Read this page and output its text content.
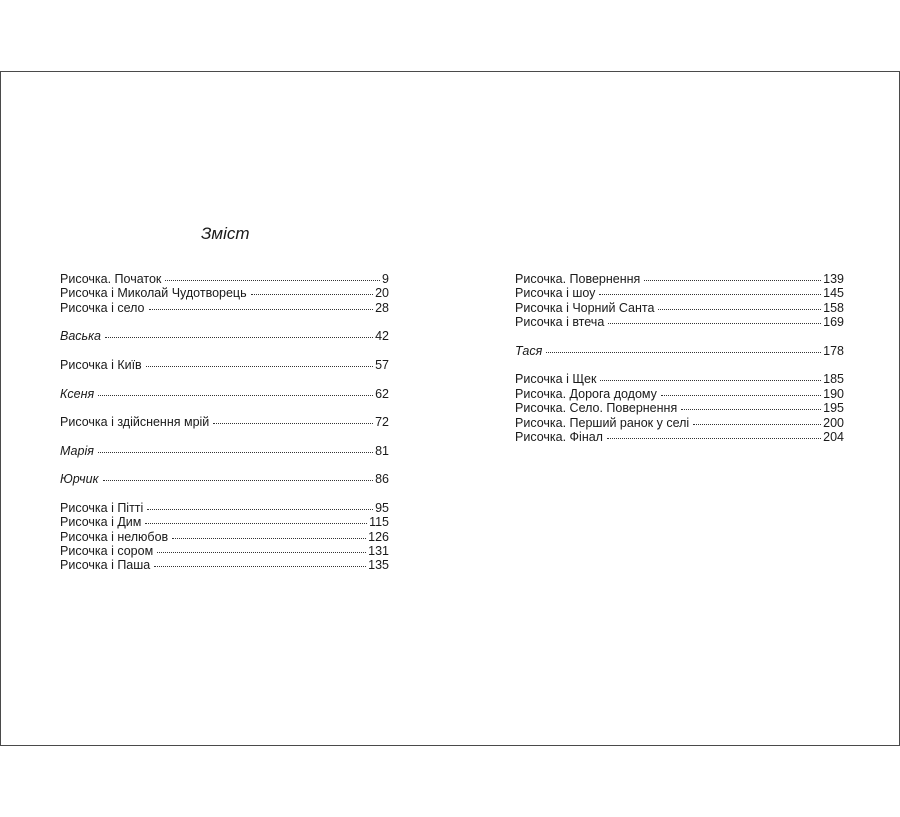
Зміст
Рисочка. Початок	9
Рисочка і Миколай Чудотворець	20
Рисочка і село	28
Васька	42
Рисочка і Київ	57
Ксеня	62
Рисочка і здійснення мрій	72
Марія	81
Юрчик	86
Рисочка і Пітті	95
Рисочка і Дим	115
Рисочка і нелюбов	126
Рисочка і сором	131
Рисочка і Паша	135
Рисочка. Повернення	139
Рисочка і шоу	145
Рисочка і Чорний Санта	158
Рисочка і втеча	169
Тася	178
Рисочка і Щек	185
Рисочка. Дорога додому	190
Рисочка. Село. Повернення	195
Рисочка. Перший ранок у селі	200
Рисочка. Фінал	204
